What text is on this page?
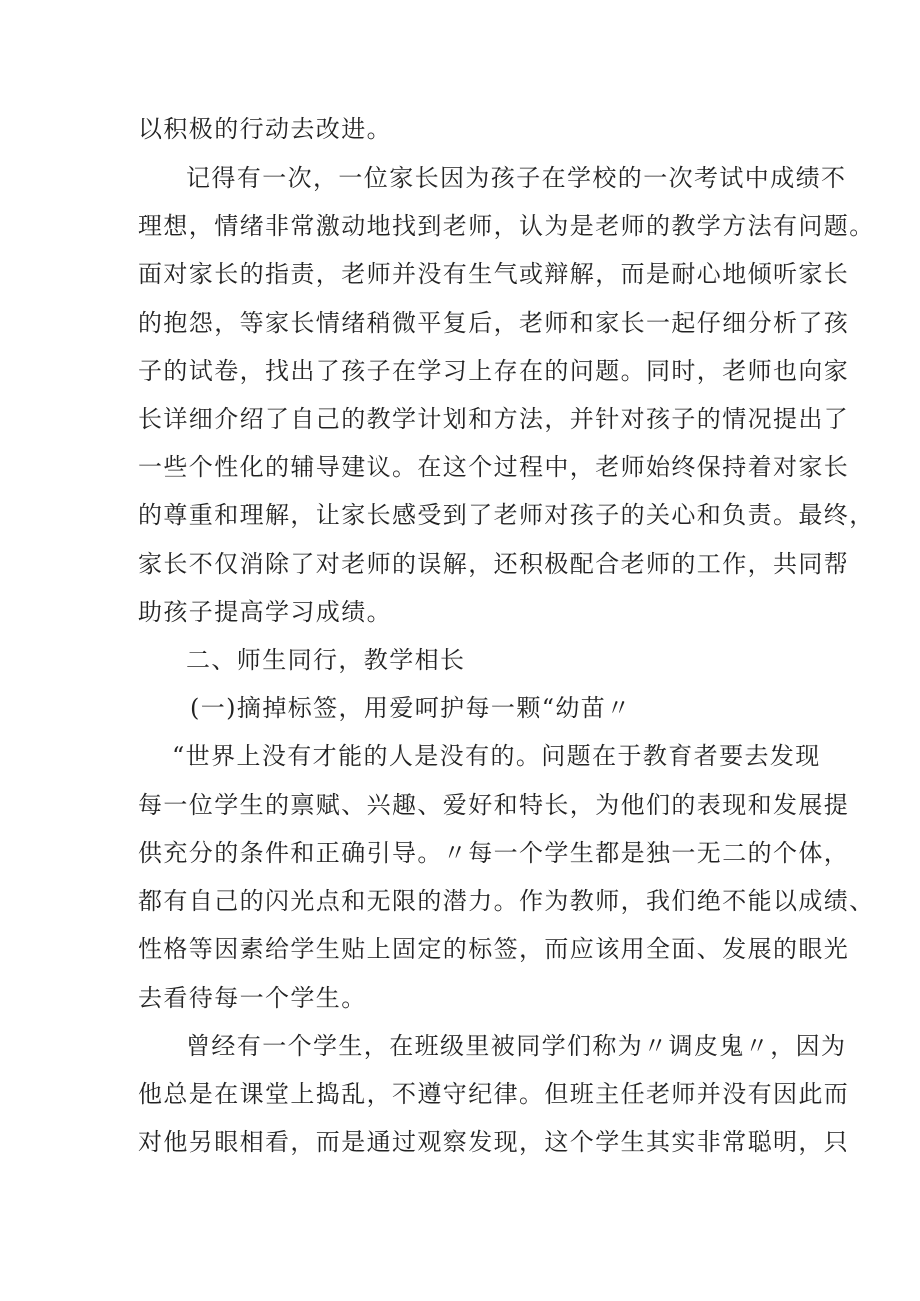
以积极的行动去改进。
记得有一次，一位家长因为孩子在学校的一次考试中成绩不
理想，情绪非常激动地找到老师，认为是老师的教学方法有问题。
面对家长的指责，老师并没有生气或辩解，而是耐心地倾听家长
的抱怨，等家长情绪稍微平复后，老师和家长一起仔细分析了孩
子的试卷，找出了孩子在学习上存在的问题。同时，老师也向家
长详细介绍了自己的教学计划和方法，并针对孩子的情况提出了
一些个性化的辅导建议。在这个过程中，老师始终保持着对家长
的尊重和理解，让家长感受到了老师对孩子的关心和负责。最终，
家长不仅消除了对老师的误解，还积极配合老师的工作，共同帮
助孩子提高学习成绩。
二、师生同行，教学相长
(一)摘掉标签，用爱呵护每一颗“幼苗〃
“世界上没有才能的人是没有的。问题在于教育者要去发现
每一位学生的禀赋、兴趣、爱好和特长，为他们的表现和发展提
供充分的条件和正确引导。〃每一个学生都是独一无二的个体，
都有自己的闪光点和无限的潜力。作为教师，我们绝不能以成绩、
性格等因素给学生贴上固定的标签，而应该用全面、发展的眼光
去看待每一个学生。
曾经有一个学生，在班级里被同学们称为〃调皮鬼〃，因为
他总是在课堂上捣乱，不遵守纪律。但班主任老师并没有因此而
对他另眼相看，而是通过观察发现，这个学生其实非常聪明，只
